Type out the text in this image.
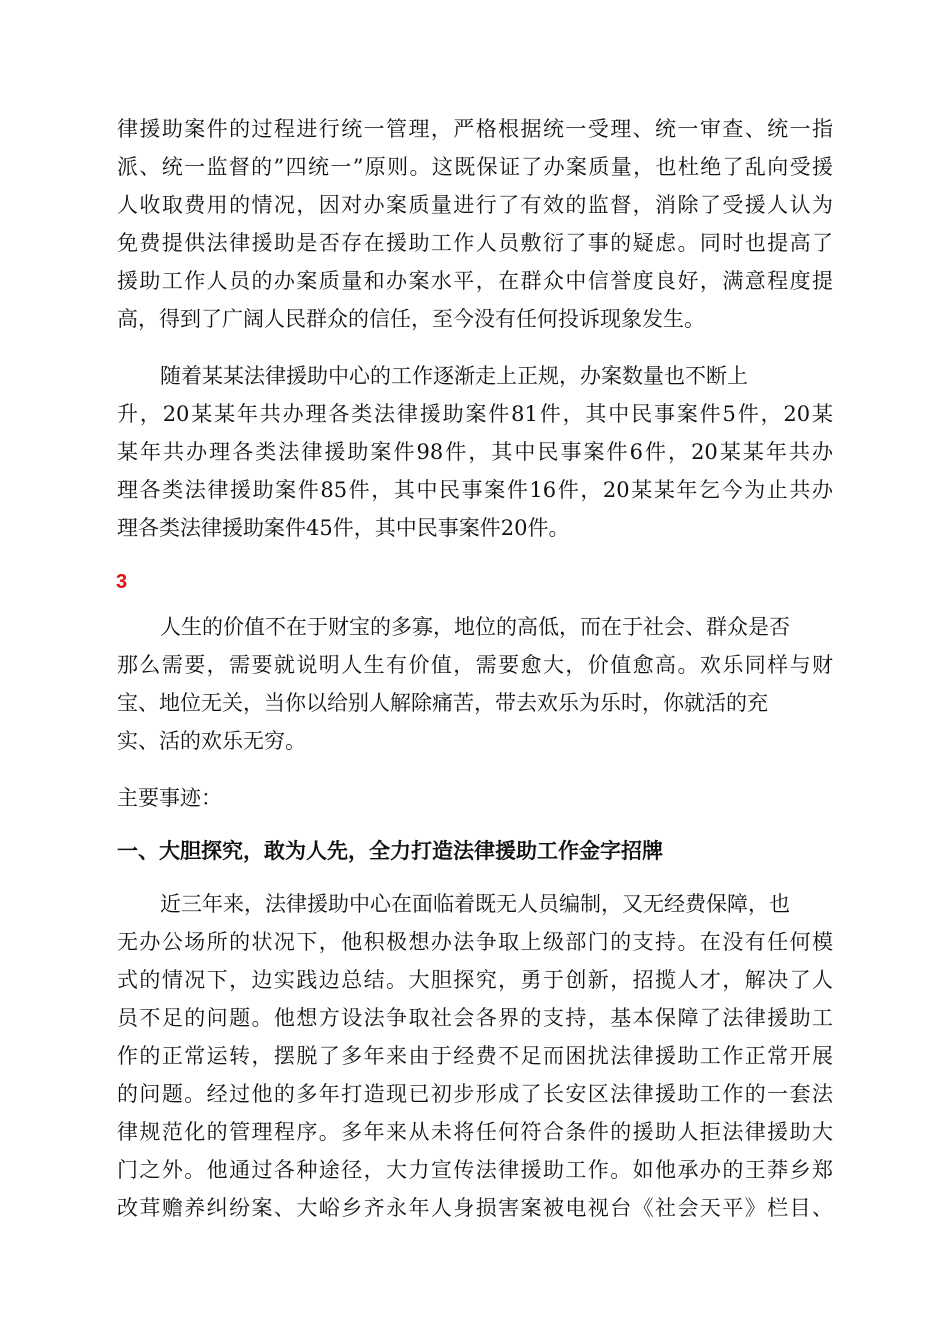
律援助案件的过程进行统一管理，严格根据统一受理、统一审查、统一指
派、统一监督的”四统一”原则。这既保证了办案质量，也杜绝了乱向受援
人收取费用的情况，因对办案质量进行了有效的监督，消除了受援人认为
免费提供法律援助是否存在援助工作人员敷衍了事的疑虑。同时也提高了
援助工作人员的办案质量和办案水平，在群众中信誉度良好，满意程度提
高，得到了广阔人民群众的信任，至今没有任何投诉现象发生。
随着某某法律援助中心的工作逐渐走上正规，办案数量也不断上
升，20某某年共办理各类法律援助案件81件，其中民事案件5件，20某
某年共办理各类法律援助案件98件，其中民事案件6件，20某某年共办
理各类法律援助案件85件，其中民事案件16件，20某某年乞今为止共办
理各类法律援助案件45件，其中民事案件20件。
3
人生的价值不在于财宝的多寡，地位的高低，而在于社会、群众是否
那么需要，需要就说明人生有价值，需要愈大，价值愈高。欢乐同样与财
宝、地位无关，当你以给别人解除痛苦，带去欢乐为乐时，你就活的充
实、活的欢乐无穷。
主要事迹：
一、大胆探究，敢为人先，全力打造法律援助工作金字招牌
近三年来，法律援助中心在面临着既无人员编制，又无经费保障，也
无办公场所的状况下，他积极想办法争取上级部门的支持。在没有任何模
式的情况下，边实践边总结。大胆探究，勇于创新，招揽人才，解决了人
员不足的问题。他想方设法争取社会各界的支持，基本保障了法律援助工
作的正常运转，摆脱了多年来由于经费不足而困扰法律援助工作正常开展
的问题。经过他的多年打造现已初步形成了长安区法律援助工作的一套法
律规范化的管理程序。多年来从未将任何符合条件的援助人拒法律援助大
门之外。他通过各种途径，大力宣传法律援助工作。如他承办的王莽乡郑
改茸赡养纠纷案、大峪乡齐永年人身损害案被电视台《社会天平》栏目、
